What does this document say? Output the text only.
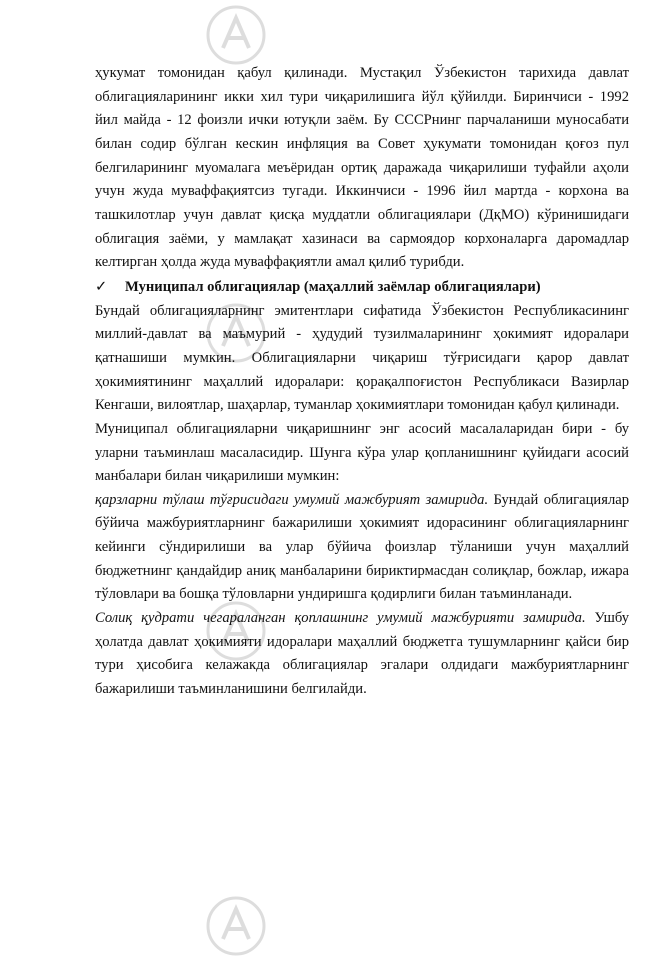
ҳукумат томонидан қабул қилинади. Мустақил Ўзбекистон тарихида давлат облигацияларининг икки хил тури чиқарилишига йўл қўйилди. Биринчиси - 1992 йил майда - 12 фоизли ички ютуқли заём. Бу СССРнинг парчаланиши муносабати билан содир бўлган кескин инфляция ва Совет ҳукумати томонидан қоғоз пул белгиларининг муомалага меъёридан ортиқ даражада чиқарилиши туфайли аҳоли учун жуда муваффақиятсиз тугади. Иккинчиси - 1996 йил мартда - корхона ва ташкилотлар учун давлат қисқа муддатли облигациялари (ДқМО) кўринишидаги облигация заёми, у мамлақат хазинаси ва сармоядор корхоналарга даромадлар келтирган ҳолда жуда муваффақиятли амал қилиб турибди.

✓ Муниципал облигациялар (маҳаллий заёмлар облигациялари)

Бундай облигацияларнинг эмитентлари сифатида Ўзбекистон Республикасининг миллий-давлат ва маъмурий - ҳудудий тузилмаларининг ҳокимият идоралари қатнашиши мумкин. Облигацияларни чиқариш тўғрисидаги қарор давлат ҳокимиятининг маҳаллий идоралари: қорақалпоғистон Республикаси Вазирлар Кенгаши, вилоятлар, шаҳарлар, туманлар ҳокимиятлари томонидан қабул қилинади.

Муниципал облигацияларни чиқаришнинг энг асосий масалаларидан бири - бу уларни таъминлаш масаласидир. Шунга кўра улар қопланишнинг қуйидаги асосий манбалари билан чиқарилиши мумкин:

қарзларни тўлаш тўғрисидаги умумий мажбурият замирида. Бундай облигациялар бўйича мажбуриятларнинг бажарилиши ҳокимият идорасининг облигацияларнинг кейинги сўндирилиши ва улар бўйича фоизлар тўланиши учун маҳаллий бюджетнинг қандайдир аниқ манбаларини бириктирмасдан солиқлар, божлар, ижара тўловлари ва бошқа тўловларни ундиришга қодирлиги билан таъминланади.

Солиқ қудрати чегараланган қоплашнинг умумий мажбурияти замирида. Ушбу ҳолатда давлат ҳокимияти идоралари маҳаллий бюджетга тушумларнинг қайси бир тури ҳисобига келажакда облигациялар эгалари олдидаги мажбуриятларнинг бажарилиши таъминланишини белгилайди.
